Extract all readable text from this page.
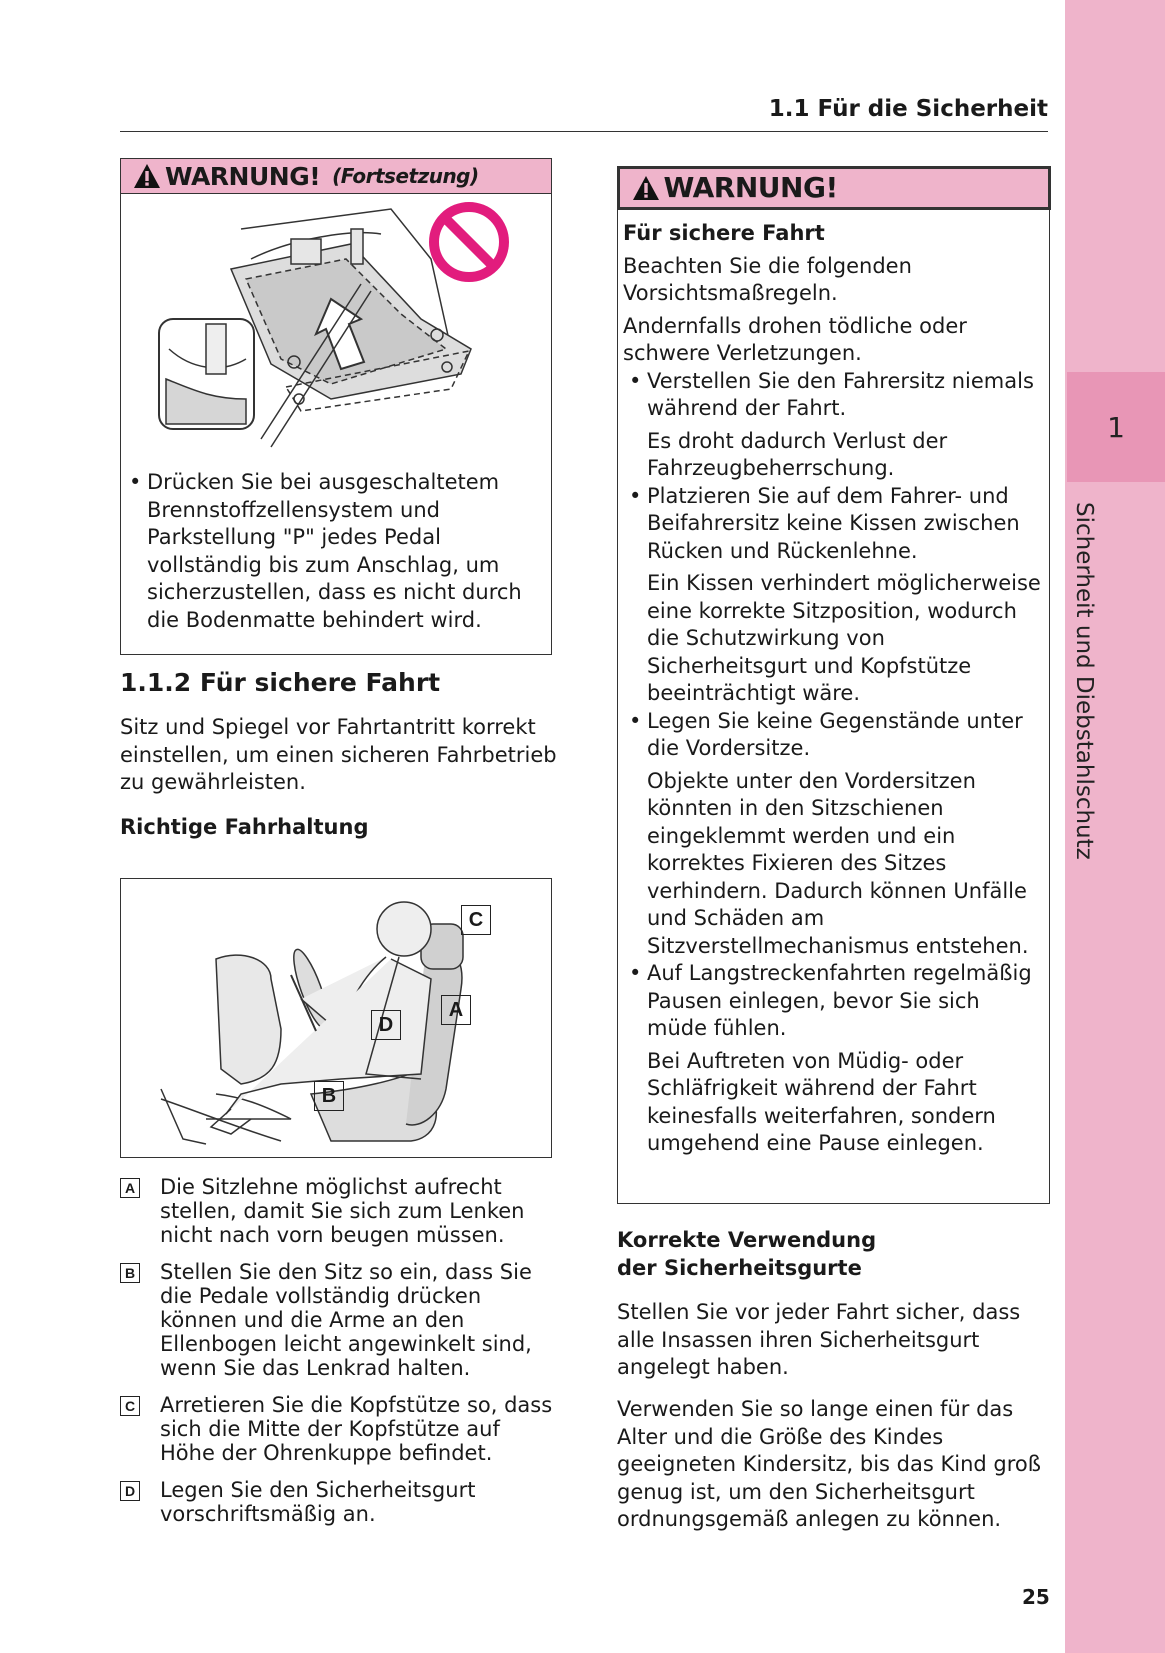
1
Sicherheit und Diebstahlschutz
1.1 Für die Sicherheit
WARNUNG! (Fortsetzung)
• Drücken Sie bei ausgeschaltetem Brennstoffzellensystem und Parkstellung "P" jedes Pedal vollständig bis zum Anschlag, um sicherzustellen, dass es nicht durch die Bodenmatte behindert wird.
1.1.2 Für sichere Fahrt
Sitz und Spiegel vor Fahrtantritt korrekt einstellen, um einen sicheren Fahrbetrieb zu gewährleisten.
Richtige Fahrhaltung
C
A
D
B
A Die Sitzlehne möglichst aufrecht stellen, damit Sie sich zum Lenken nicht nach vorn beugen müssen.
B Stellen Sie den Sitz so ein, dass Sie die Pedale vollständig drücken können und die Arme an den Ellenbogen leicht angewinkelt sind, wenn Sie das Lenkrad halten.
C Arretieren Sie die Kopfstütze so, dass sich die Mitte der Kopfstütze auf Höhe der Ohrenkuppe befindet.
D Legen Sie den Sicherheitsgurt vorschriftsmäßig an.
WARNUNG!

Für sichere Fahrt

Beachten Sie die folgenden Vorsichtsmaßregeln.

Andernfalls drohen tödliche oder schwere Verletzungen.

• Verstellen Sie den Fahrersitz niemals während der Fahrt.

Es droht dadurch Verlust der Fahrzeugbeherrschung.

• Platzieren Sie auf dem Fahrer- und Beifahrersitz keine Kissen zwischen Rücken und Rückenlehne.

Ein Kissen verhindert möglicherweise eine korrekte Sitzposition, wodurch die Schutzwirkung von Sicherheitsgurt und Kopfstütze beeinträchtigt wäre.

• Legen Sie keine Gegenstände unter die Vordersitze.

Objekte unter den Vordersitzen könnten in den Sitzschienen eingeklemmt werden und ein korrektes Fixieren des Sitzes verhindern. Dadurch können Unfälle und Schäden am Sitzverstellmechanismus entstehen.

• Auf Langstreckenfahrten regelmäßig Pausen einlegen, bevor Sie sich müde fühlen.

Bei Auftreten von Müdig- oder Schläfrigkeit während der Fahrt keinesfalls weiterfahren, sondern umgehend eine Pause einlegen.

Korrekte Verwendung der Sicherheitsgurte
Stellen Sie vor jeder Fahrt sicher, dass alle Insassen ihren Sicherheitsgurt angelegt haben.
Verwenden Sie so lange einen für das Alter und die Größe des Kindes geeigneten Kindersitz, bis das Kind groß genug ist, um den Sicherheitsgurt ordnungsgemäß anlegen zu können.
25
